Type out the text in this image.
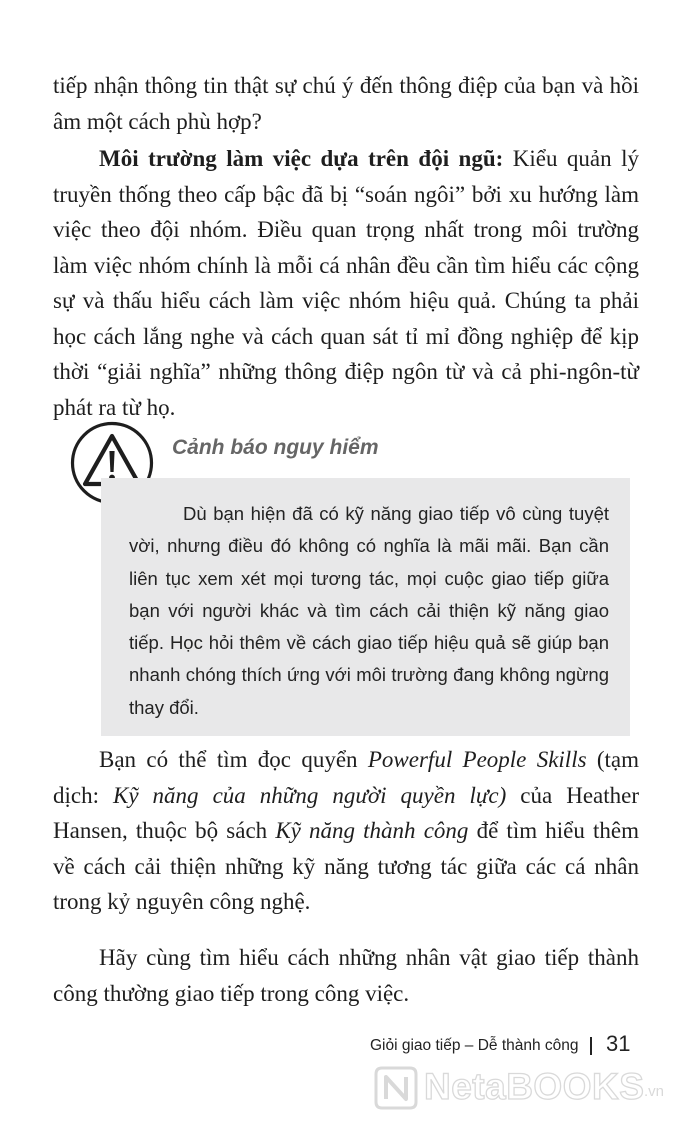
tiếp nhận thông tin thật sự chú ý đến thông điệp của bạn và hồi âm một cách phù hợp?

Môi trường làm việc dựa trên đội ngũ: Kiểu quản lý truyền thống theo cấp bậc đã bị “soán ngôi” bởi xu hướng làm việc theo đội nhóm. Điều quan trọng nhất trong môi trường làm việc nhóm chính là mỗi cá nhân đều cần tìm hiểu các cộng sự và thấu hiểu cách làm việc nhóm hiệu quả. Chúng ta phải học cách lắng nghe và cách quan sát tỉ mỉ đồng nghiệp để kịp thời “giải nghĩa” những thông điệp ngôn từ và cả phi-ngôn-từ phát ra từ họ.

Cảnh báo nguy hiểm

Dù bạn hiện đã có kỹ năng giao tiếp vô cùng tuyệt vời, nhưng điều đó không có nghĩa là mãi mãi. Bạn cần liên tục xem xét mọi tương tác, mọi cuộc giao tiếp giữa bạn với người khác và tìm cách cải thiện kỹ năng giao tiếp. Học hỏi thêm về cách giao tiếp hiệu quả sẽ giúp bạn nhanh chóng thích ứng với môi trường đang không ngừng thay đổi.

Bạn có thể tìm đọc quyển Powerful People Skills (tạm dịch: Kỹ năng của những người quyền lực) của Heather Hansen, thuộc bộ sách Kỹ năng thành công để tìm hiểu thêm về cách cải thiện những kỹ năng tương tác giữa các cá nhân trong kỷ nguyên công nghệ.

Hãy cùng tìm hiểu cách những nhân vật giao tiếp thành công thường giao tiếp trong công việc.

Giỏi giao tiếp – Dễ thành công 31
NetaBOOKS .vn
